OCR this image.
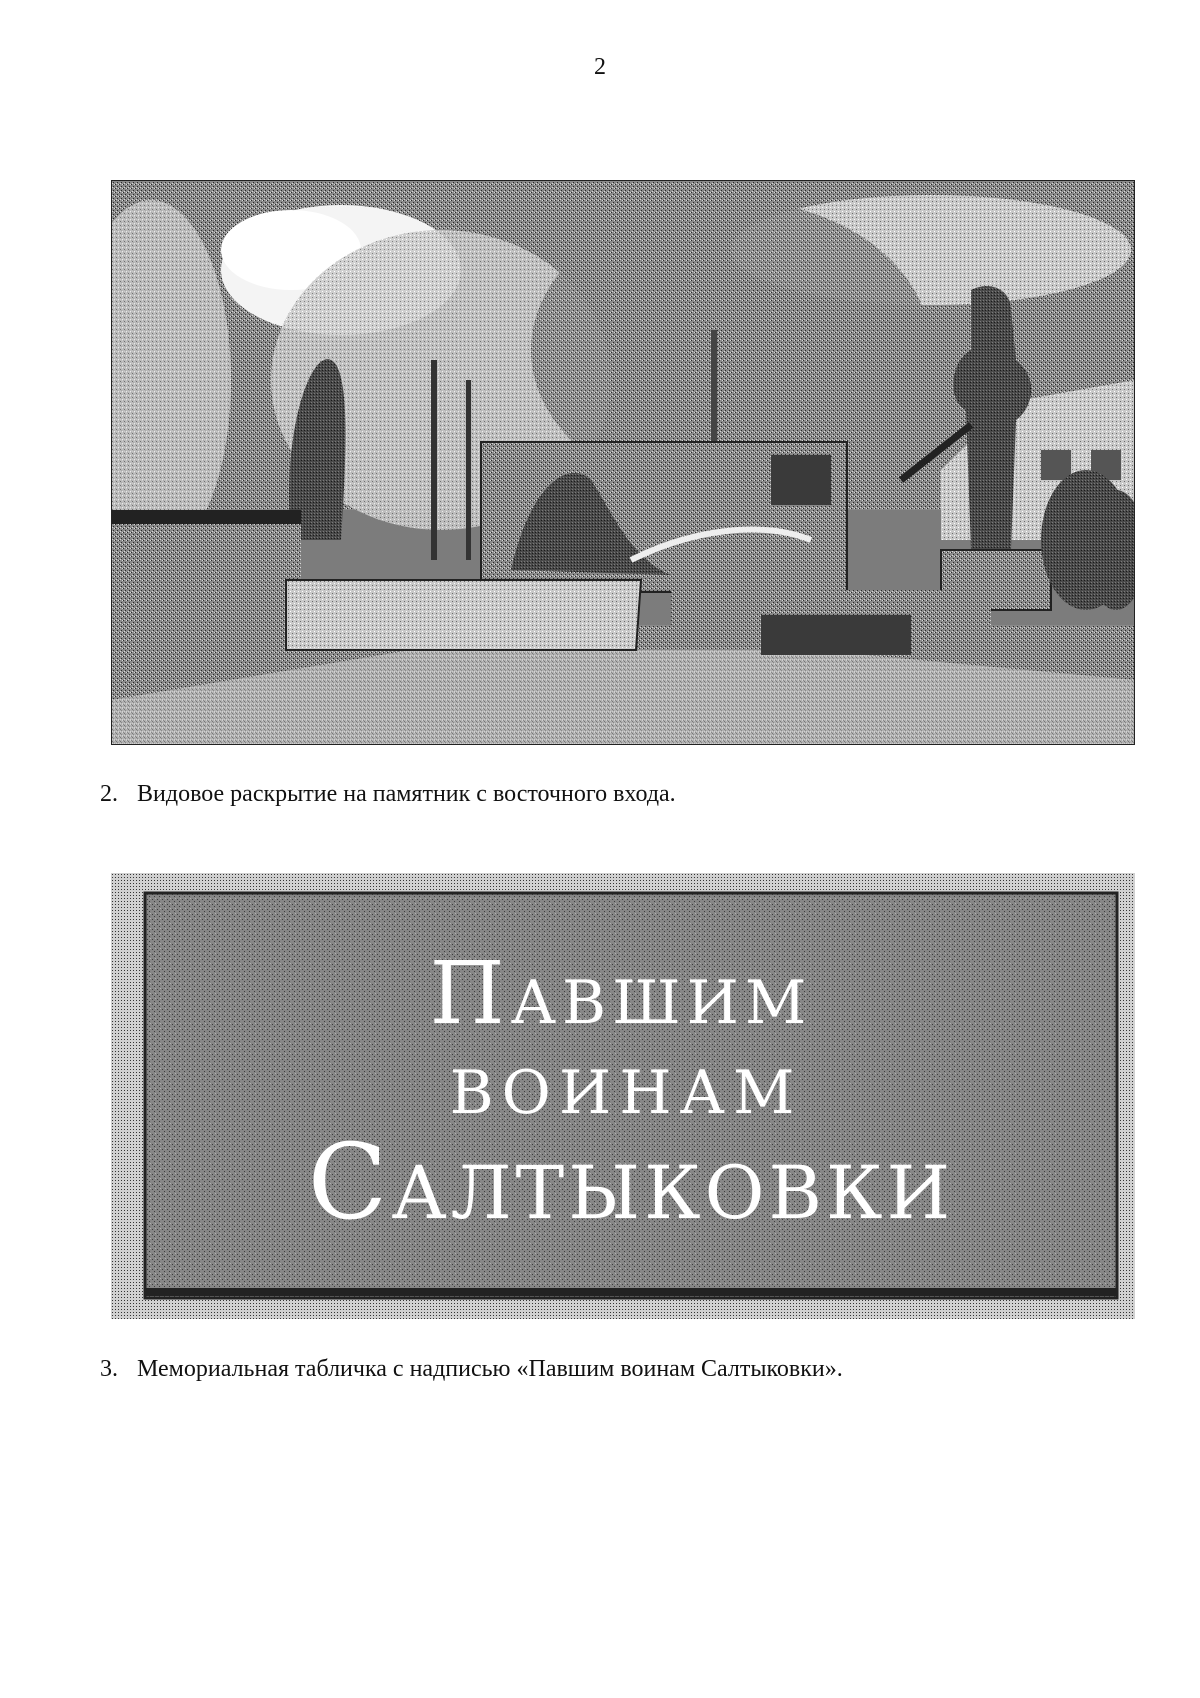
2
2. Видовое раскрытие на памятник с восточного входа.
Павшим
воинам
Салтыковки
3. Мемориальная табличка с надписью «Павшим воинам Салтыковки».
